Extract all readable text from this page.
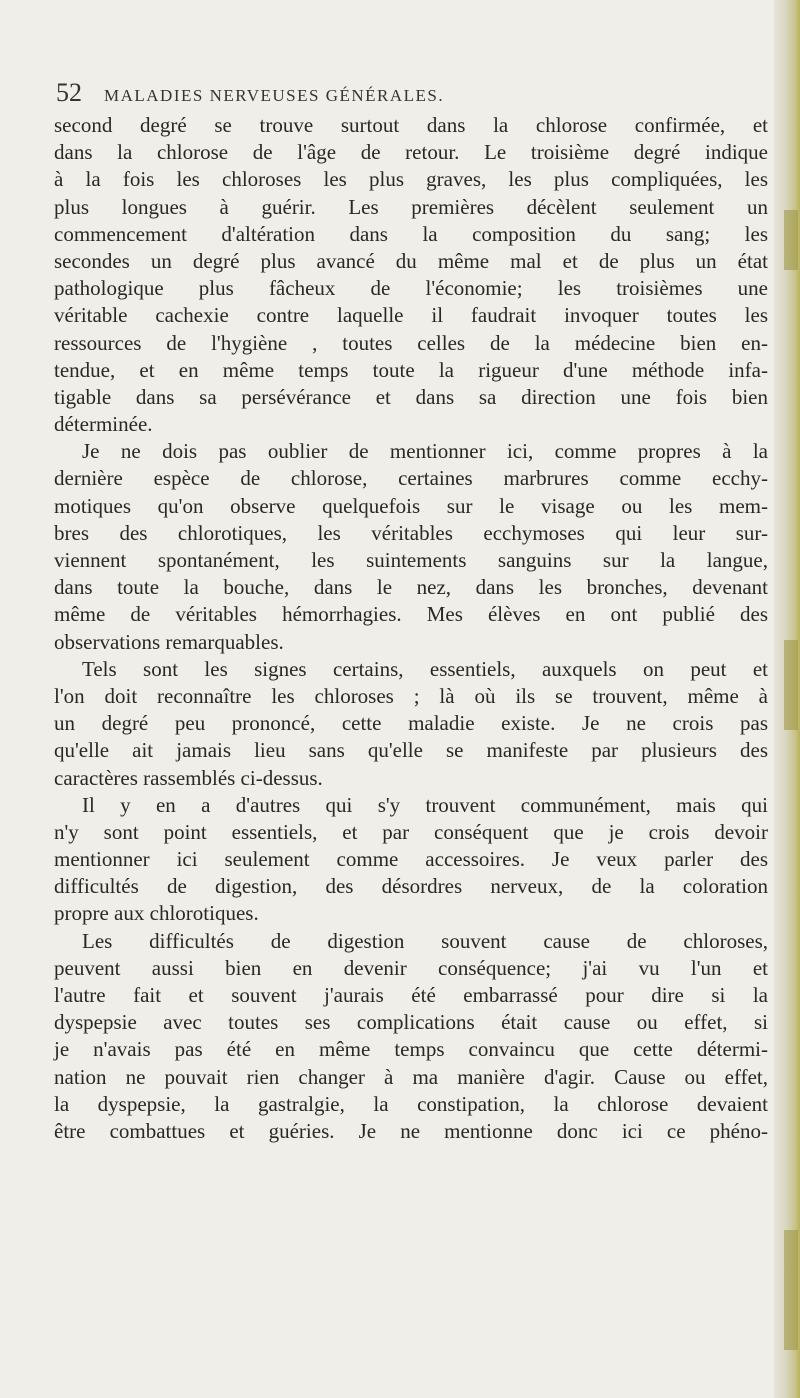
52 MALADIES NERVEUSES GÉNÉRALES.
second degré se trouve surtout dans la chlorose confirmée, et
dans la chlorose de l'âge de retour. Le troisième degré indique
à la fois les chloroses les plus graves, les plus compliquées, les
plus longues à guérir. Les premières décèlent seulement un
commencement d'altération dans la composition du sang; les
secondes un degré plus avancé du même mal et de plus un état
pathologique plus fâcheux de l'économie; les troisièmes une
véritable cachexie contre laquelle il faudrait invoquer toutes les
ressources de l'hygiène , toutes celles de la médecine bien en-
tendue, et en même temps toute la rigueur d'une méthode infa-
tigable dans sa persévérance et dans sa direction une fois bien
déterminée.
Je ne dois pas oublier de mentionner ici, comme propres à la
dernière espèce de chlorose, certaines marbrures comme ecchy-
motiques qu'on observe quelquefois sur le visage ou les mem-
bres des chlorotiques, les véritables ecchymoses qui leur sur-
viennent spontanément, les suintements sanguins sur la langue,
dans toute la bouche, dans le nez, dans les bronches, devenant
même de véritables hémorrhagies. Mes élèves en ont publié des
observations remarquables.
Tels sont les signes certains, essentiels, auxquels on peut et
l'on doit reconnaître les chloroses ; là où ils se trouvent, même à
un degré peu prononcé, cette maladie existe. Je ne crois pas
qu'elle ait jamais lieu sans qu'elle se manifeste par plusieurs des
caractères rassemblés ci-dessus.
Il y en a d'autres qui s'y trouvent communément, mais qui
n'y sont point essentiels, et par conséquent que je crois devoir
mentionner ici seulement comme accessoires. Je veux parler des
difficultés de digestion, des désordres nerveux, de la coloration
propre aux chlorotiques.
Les difficultés de digestion souvent cause de chloroses,
peuvent aussi bien en devenir conséquence; j'ai vu l'un et
l'autre fait et souvent j'aurais été embarrassé pour dire si la
dyspepsie avec toutes ses complications était cause ou effet, si
je n'avais pas été en même temps convaincu que cette détermi-
nation ne pouvait rien changer à ma manière d'agir. Cause ou effet,
la dyspepsie, la gastralgie, la constipation, la chlorose devaient
être combattues et guéries. Je ne mentionne donc ici ce phéno-
